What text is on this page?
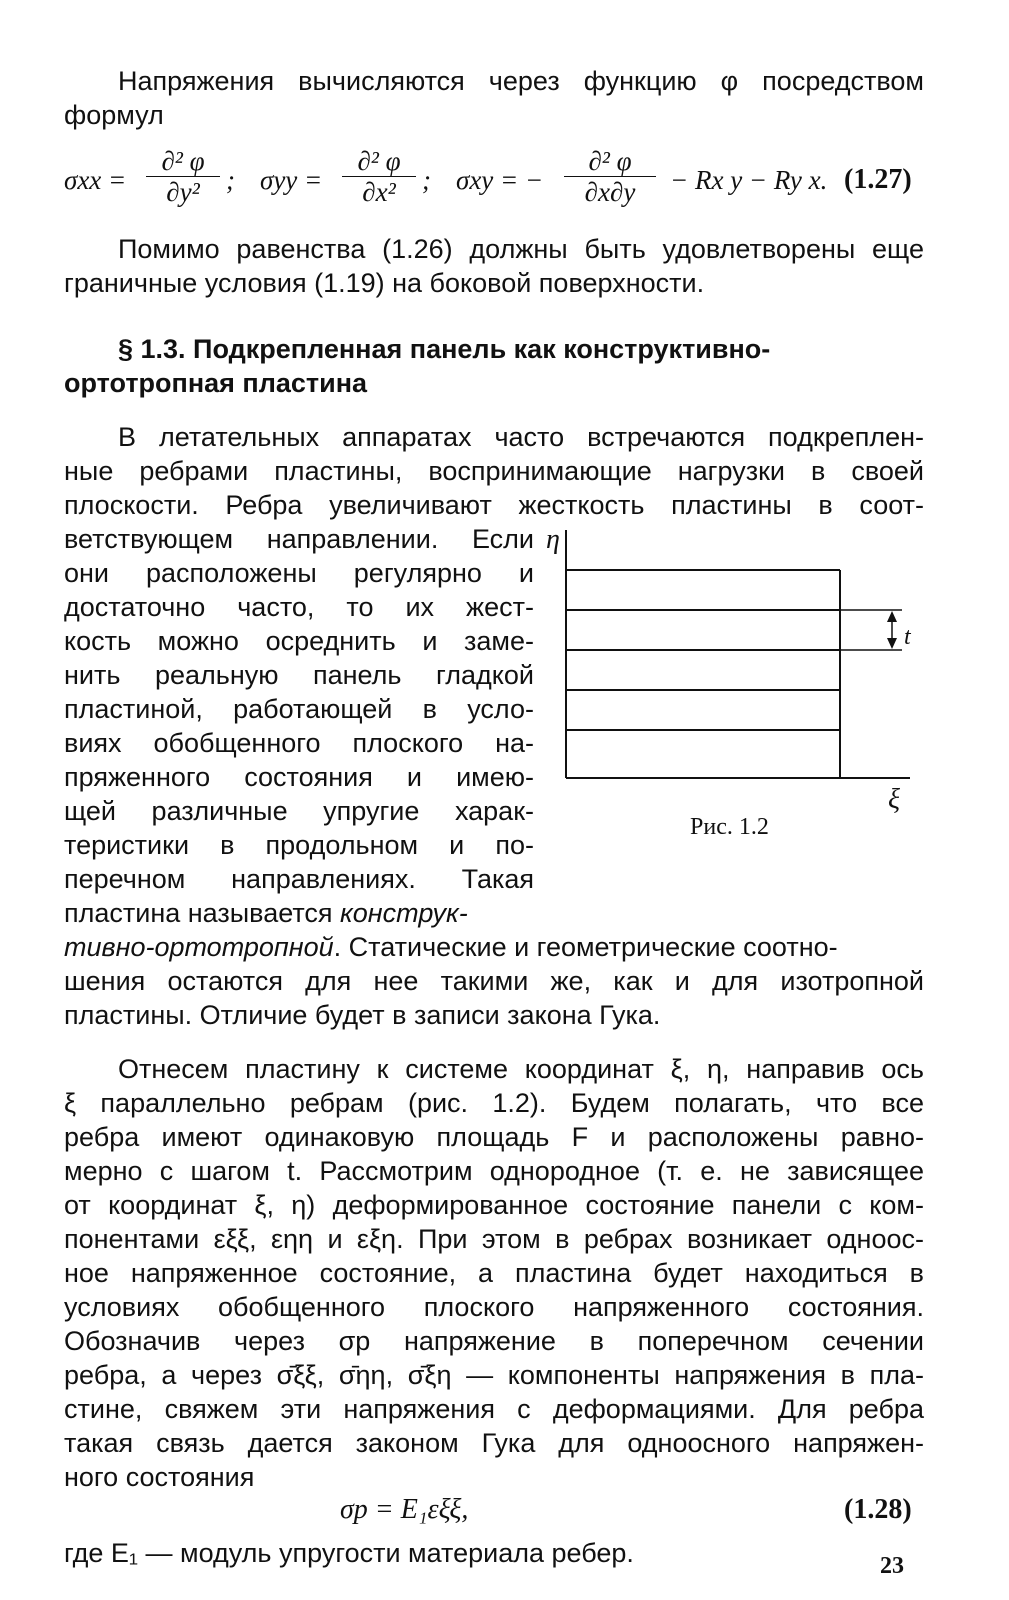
Напряжения вычисляются через функцию φ посредством
формул
$\sigma xx = \frac{\text{∂² φ}}{\text{∂y²}}$ ; $\sigma yy = \frac{\text{∂² φ}}{\text{∂x²}}$ ; σxy = − $\frac{\text{∂² φ}}{\partial x\partial y} - Rx$ y − Ry x. (1.27)
Помимо равенства (1.26) должны быть удовлетворены еще
граничные условия (1.19) на боковой поверхности.
§ 1.3. Подкрепленная панель как конструктивно-
ортотропная пластина
В летательных аппаратах часто встречаются подкреплен-
ные ребрами пластины, воспринимающие нагрузки в своей
плоскости. Ребра увеличивают жесткость пластины в соот-
ветствующем направлении. Если
они расположены регулярно и
достаточно часто, то их жест-
кость можно осреднить и заме-
нить реальную панель гладкой
пластиной, работающей в усло-
виях обобщенного плоского на-
пряженного состояния и имею-
щей различные упругие харак-
теристики в продольном и по-
перечном направлениях. Такая
пластина называется конструк-
тивно-ортотропной. Статические и геометрические соотно-
шения остаются для нее такими же, как и для изотропной
пластины. Отличие будет в записи закона Гука.
η
t
ξ
Рис. 1.2
Отнесем пластину к системе координат ξ, η, направив ось
ξ параллельно ребрам (рис. 1.2). Будем полагать, что все
ребра имеют одинаковую площадь F и расположены равно-
мерно с шагом t. Рассмотрим однородное (т. е. не зависящее
от координат ξ, η) деформированное состояние панели с ком-
понентами εξξ, εηη и εξη. При этом в ребрах возникает одноос-
ное напряженное состояние, а пластина будет находиться в
условиях обобщенного плоского напряженного состояния.
Обозначив через σр напряжение в поперечном сечении
ребра, а через σ̄ξξ, σ̄ηη, σ̄ξη — компоненты напряжения в пла-
стине, свяжем эти напряжения с деформациями. Для ребра
такая связь дается законом Гука для одноосного напряжен-
ного состояния
σр = E₁εξξ,	(1.28)
где E₁ — модуль упругости материала ребер.	23
